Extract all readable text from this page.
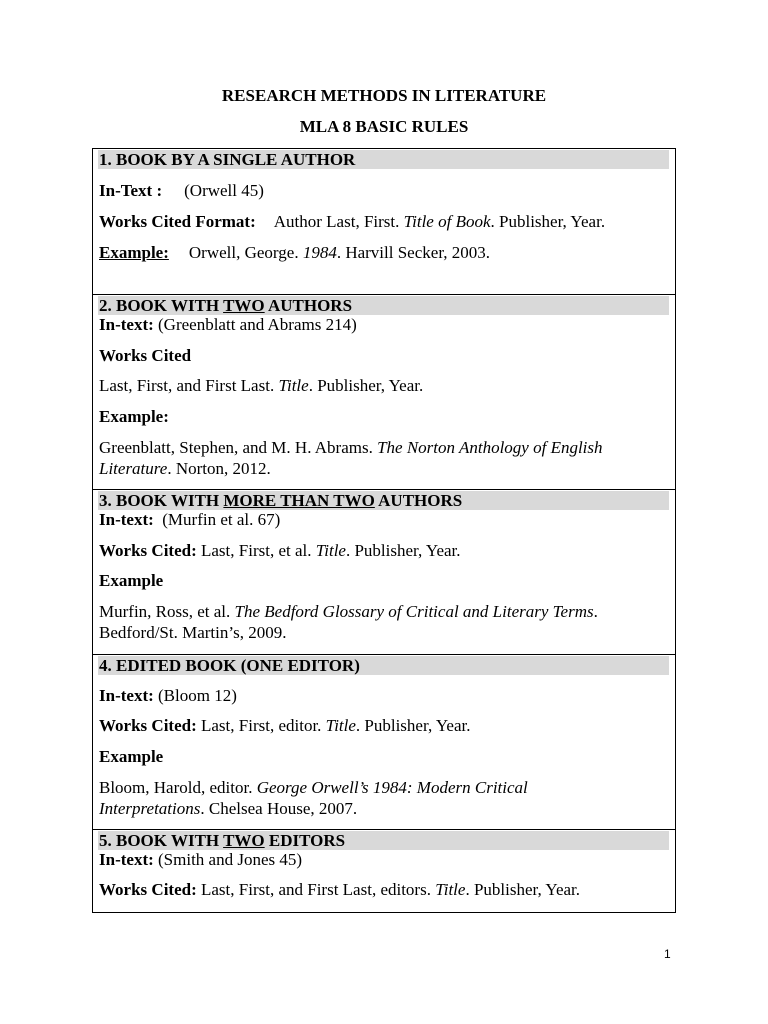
RESEARCH METHODS IN LITERATURE
MLA 8 BASIC RULES
1. BOOK BY A SINGLE AUTHOR
In-Text : (Orwell 45)
Works Cited Format: Author Last, First. Title of Book. Publisher, Year.
Example: Orwell, George. 1984. Harvill Secker, 2003.
2. BOOK WITH TWO AUTHORS
In-text: (Greenblatt and Abrams 214)
Works Cited
Last, First, and First Last. Title. Publisher, Year.
Example:
Greenblatt, Stephen, and M. H. Abrams. The Norton Anthology of English
Literature. Norton, 2012.
3. BOOK WITH MORE THAN TWO AUTHORS
In-text: (Murfin et al. 67)
Works Cited: Last, First, et al. Title. Publisher, Year.
Example
Murfin, Ross, et al. The Bedford Glossary of Critical and Literary Terms.
Bedford/St. Martin’s, 2009.
4. EDITED BOOK (ONE EDITOR)
In-text: (Bloom 12)
Works Cited: Last, First, editor. Title. Publisher, Year.
Example
Bloom, Harold, editor. George Orwell’s 1984: Modern Critical
Interpretations. Chelsea House, 2007.
5. BOOK WITH TWO EDITORS
In-text: (Smith and Jones 45)
Works Cited: Last, First, and First Last, editors. Title. Publisher, Year.
1
